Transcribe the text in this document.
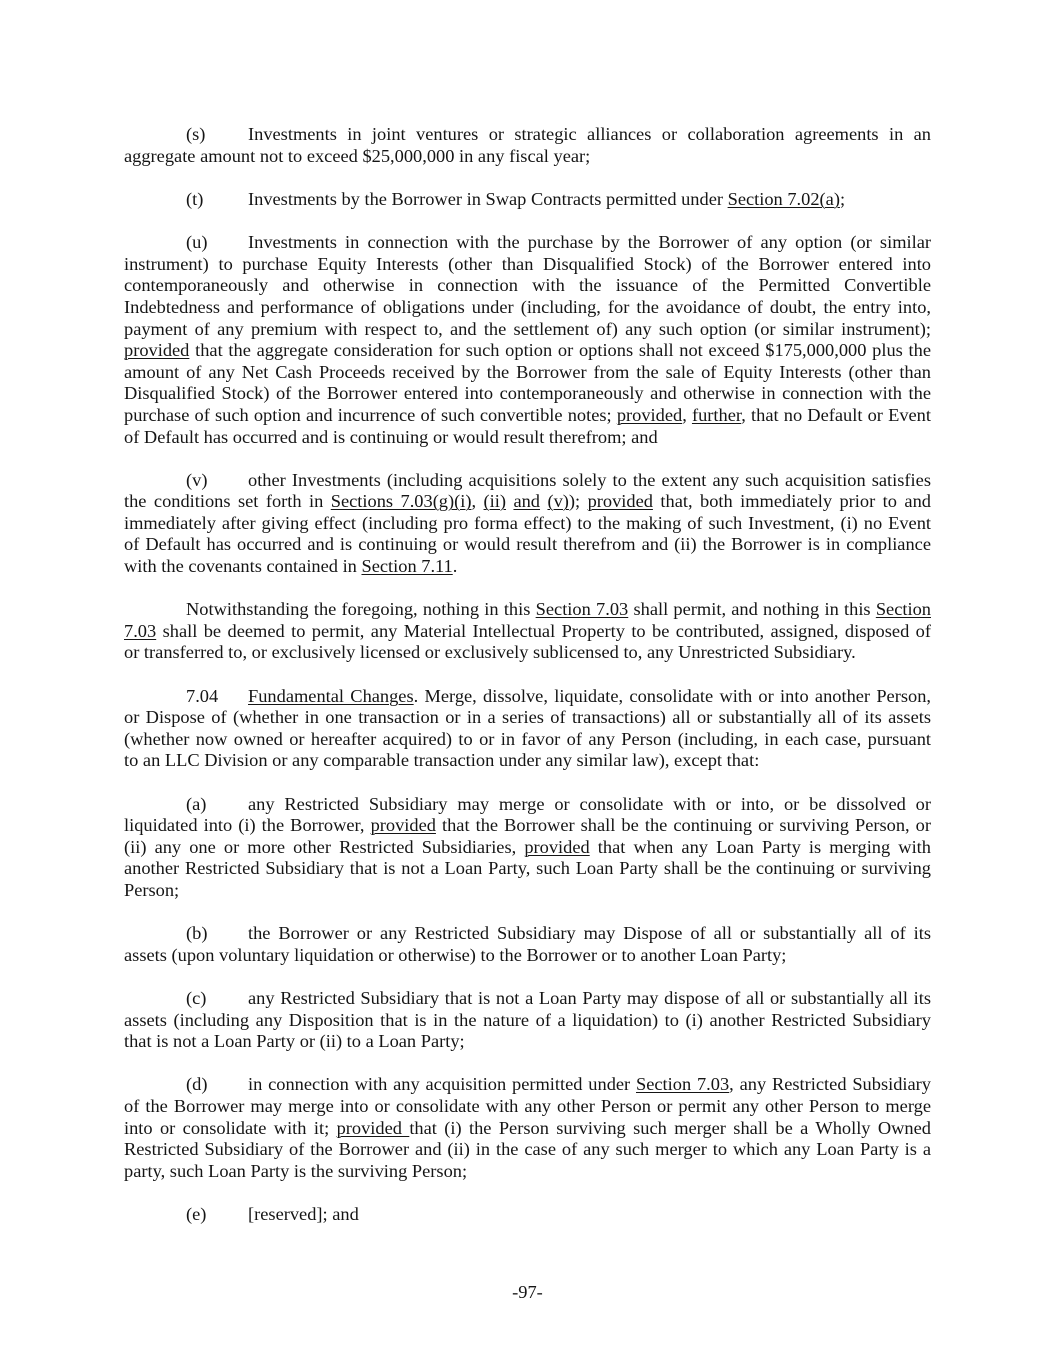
(s)	Investments in joint ventures or strategic alliances or collaboration agreements in an
aggregate amount not to exceed $25,000,000 in any fiscal year;
(t)	Investments by the Borrower in Swap Contracts permitted under Section 7.02(a);
(u)	Investments in connection with the purchase by the Borrower of any option (or similar
instrument) to purchase Equity Interests (other than Disqualified Stock) of the Borrower entered into
contemporaneously and otherwise in connection with the issuance of the Permitted Convertible
Indebtedness and performance of obligations under (including, for the avoidance of doubt, the entry into,
payment of any premium with respect to, and the settlement of) any such option (or similar instrument);
provided that the aggregate consideration for such option or options shall not exceed $175,000,000 plus the
amount of any Net Cash Proceeds received by the Borrower from the sale of Equity Interests (other than
Disqualified Stock) of the Borrower entered into contemporaneously and otherwise in connection with the
purchase of such option and incurrence of such convertible notes; provided, further, that no Default or Event
of Default has occurred and is continuing or would result therefrom; and
(v)	other Investments (including acquisitions solely to the extent any such acquisition satisfies
the conditions set forth in Sections 7.03(g)(i), (ii) and (v)); provided that, both immediately prior to and
immediately after giving effect (including pro forma effect) to the making of such Investment, (i) no Event
of Default has occurred and is continuing or would result therefrom and (ii) the Borrower is in compliance
with the covenants contained in Section 7.11.
Notwithstanding the foregoing, nothing in this Section 7.03 shall permit, and nothing in this Section
7.03 shall be deemed to permit, any Material Intellectual Property to be contributed, assigned, disposed of
or transferred to, or exclusively licensed or exclusively sublicensed to, any Unrestricted Subsidiary.
7.04	Fundamental Changes. Merge, dissolve, liquidate, consolidate with or into another Person,
or Dispose of (whether in one transaction or in a series of transactions) all or substantially all of its assets
(whether now owned or hereafter acquired) to or in favor of any Person (including, in each case, pursuant
to an LLC Division or any comparable transaction under any similar law), except that:
(a)	any Restricted Subsidiary may merge or consolidate with or into, or be dissolved or
liquidated into (i) the Borrower, provided that the Borrower shall be the continuing or surviving Person, or
(ii) any one or more other Restricted Subsidiaries, provided that when any Loan Party is merging with
another Restricted Subsidiary that is not a Loan Party, such Loan Party shall be the continuing or surviving
Person;
(b)	the Borrower or any Restricted Subsidiary may Dispose of all or substantially all of its
assets (upon voluntary liquidation or otherwise) to the Borrower or to another Loan Party;
(c)	any Restricted Subsidiary that is not a Loan Party may dispose of all or substantially all its
assets (including any Disposition that is in the nature of a liquidation) to (i) another Restricted Subsidiary
that is not a Loan Party or (ii) to a Loan Party;
(d)	in connection with any acquisition permitted under Section 7.03, any Restricted Subsidiary
of the Borrower may merge into or consolidate with any other Person or permit any other Person to merge
into or consolidate with it; provided that (i) the Person surviving such merger shall be a Wholly Owned
Restricted Subsidiary of the Borrower and (ii) in the case of any such merger to which any Loan Party is a
party, such Loan Party is the surviving Person;
(e)	[reserved]; and
-97-
